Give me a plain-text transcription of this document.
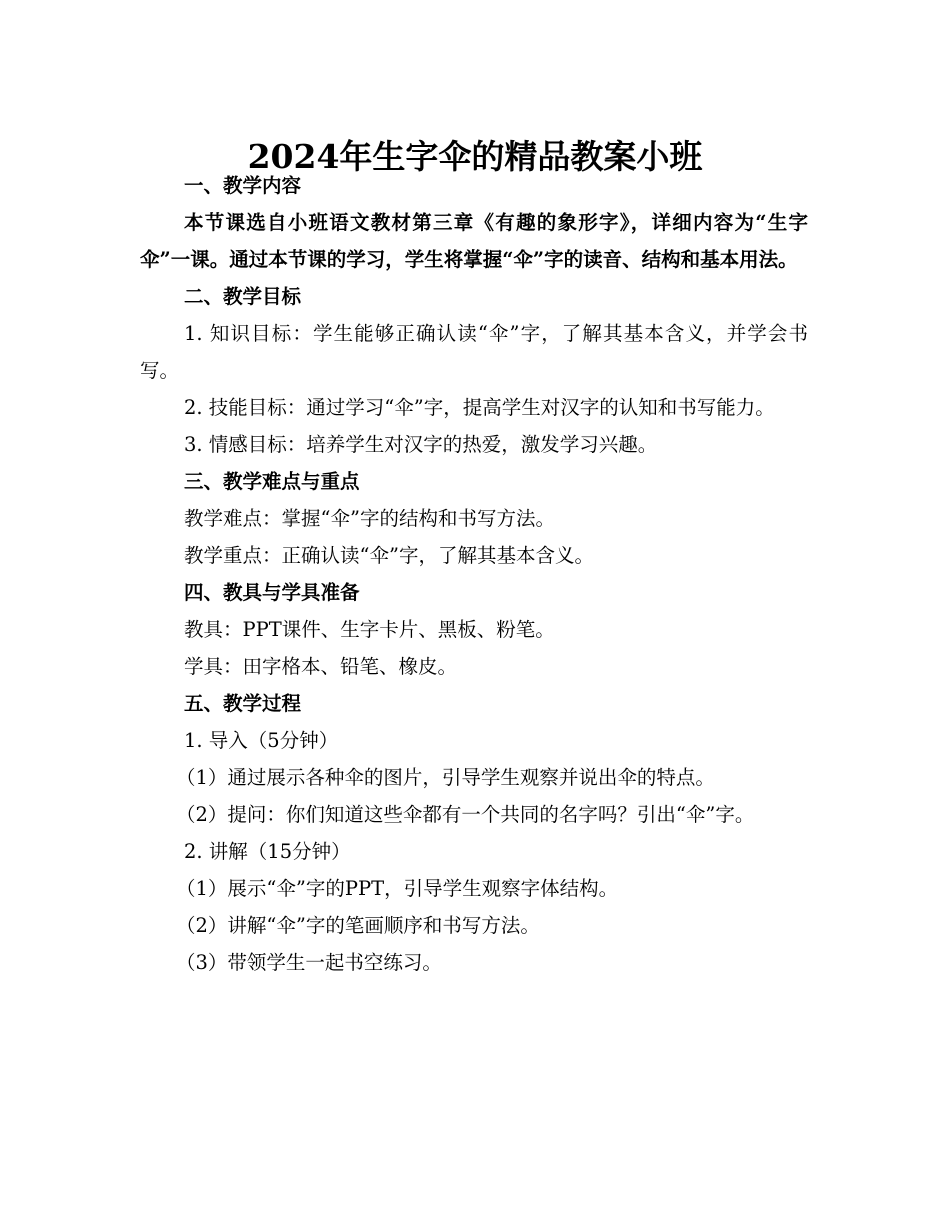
2024年生字伞的精品教案小班

一、教学内容

本节课选自小班语文教材第三章《有趣的象形字》，详细内容为“生字伞”一课。通过本节课的学习，学生将掌握“伞”字的读音、结构和基本用法。

二、教学目标

1. 知识目标：学生能够正确认读“伞”字，了解其基本含义，并学会书写。

2. 技能目标：通过学习“伞”字，提高学生对汉字的认知和书写能力。

3. 情感目标：培养学生对汉字的热爱，激发学习兴趣。

三、教学难点与重点

教学难点：掌握“伞”字的结构和书写方法。

教学重点：正确认读“伞”字，了解其基本含义。

四、教具与学具准备

教具：PPT课件、生字卡片、黑板、粉笔。

学具：田字格本、铅笔、橡皮。

五、教学过程

1. 导入（5分钟）

（1）通过展示各种伞的图片，引导学生观察并说出伞的特点。

（2）提问：你们知道这些伞都有一个共同的名字吗？引出“伞”字。

2. 讲解（15分钟）

（1）展示“伞”字的PPT，引导学生观察字体结构。

（2）讲解“伞”字的笔画顺序和书写方法。

（3）带领学生一起书空练习。
